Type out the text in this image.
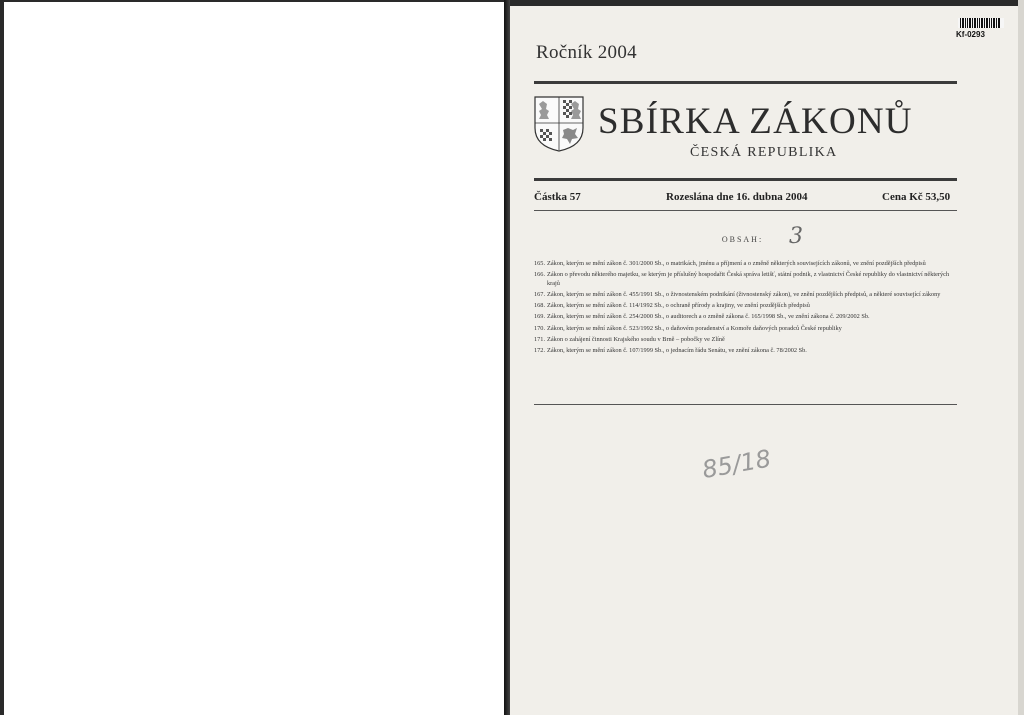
Kf-0293
Ročník 2004
SBÍRKA ZÁKONŮ
ČESKÁ REPUBLIKA
Částka 57	Rozeslána dne 16. dubna 2004	Cena Kč 53,50
OBSAH:	3
165. Zákon, kterým se mění zákon č. 301/2000 Sb., o matrikách, jménu a příjmení a o změně některých souvisejících zákonů, ve znění pozdějších předpisů
166. Zákon o převodu některého majetku, se kterým je příslušný hospodařit Česká správa letišť, státní podnik, z vlastnictví České republiky do vlastnictví některých krajů
167. Zákon, kterým se mění zákon č. 455/1991 Sb., o živnostenském podnikání (živnostenský zákon), ve znění pozdějších předpisů, a některé související zákony
168. Zákon, kterým se mění zákon č. 114/1992 Sb., o ochraně přírody a krajiny, ve znění pozdějších předpisů
169. Zákon, kterým se mění zákon č. 254/2000 Sb., o auditorech a o změně zákona č. 165/1998 Sb., ve znění zákona č. 209/2002 Sb.
170. Zákon, kterým se mění zákon č. 523/1992 Sb., o daňovém poradenství a Komoře daňových poradců České republiky
171. Zákon o zahájení činnosti Krajského soudu v Brně – pobočky ve Zlíně
172. Zákon, kterým se mění zákon č. 107/1999 Sb., o jednacím řádu Senátu, ve znění zákona č. 78/2002 Sb.
85/18
